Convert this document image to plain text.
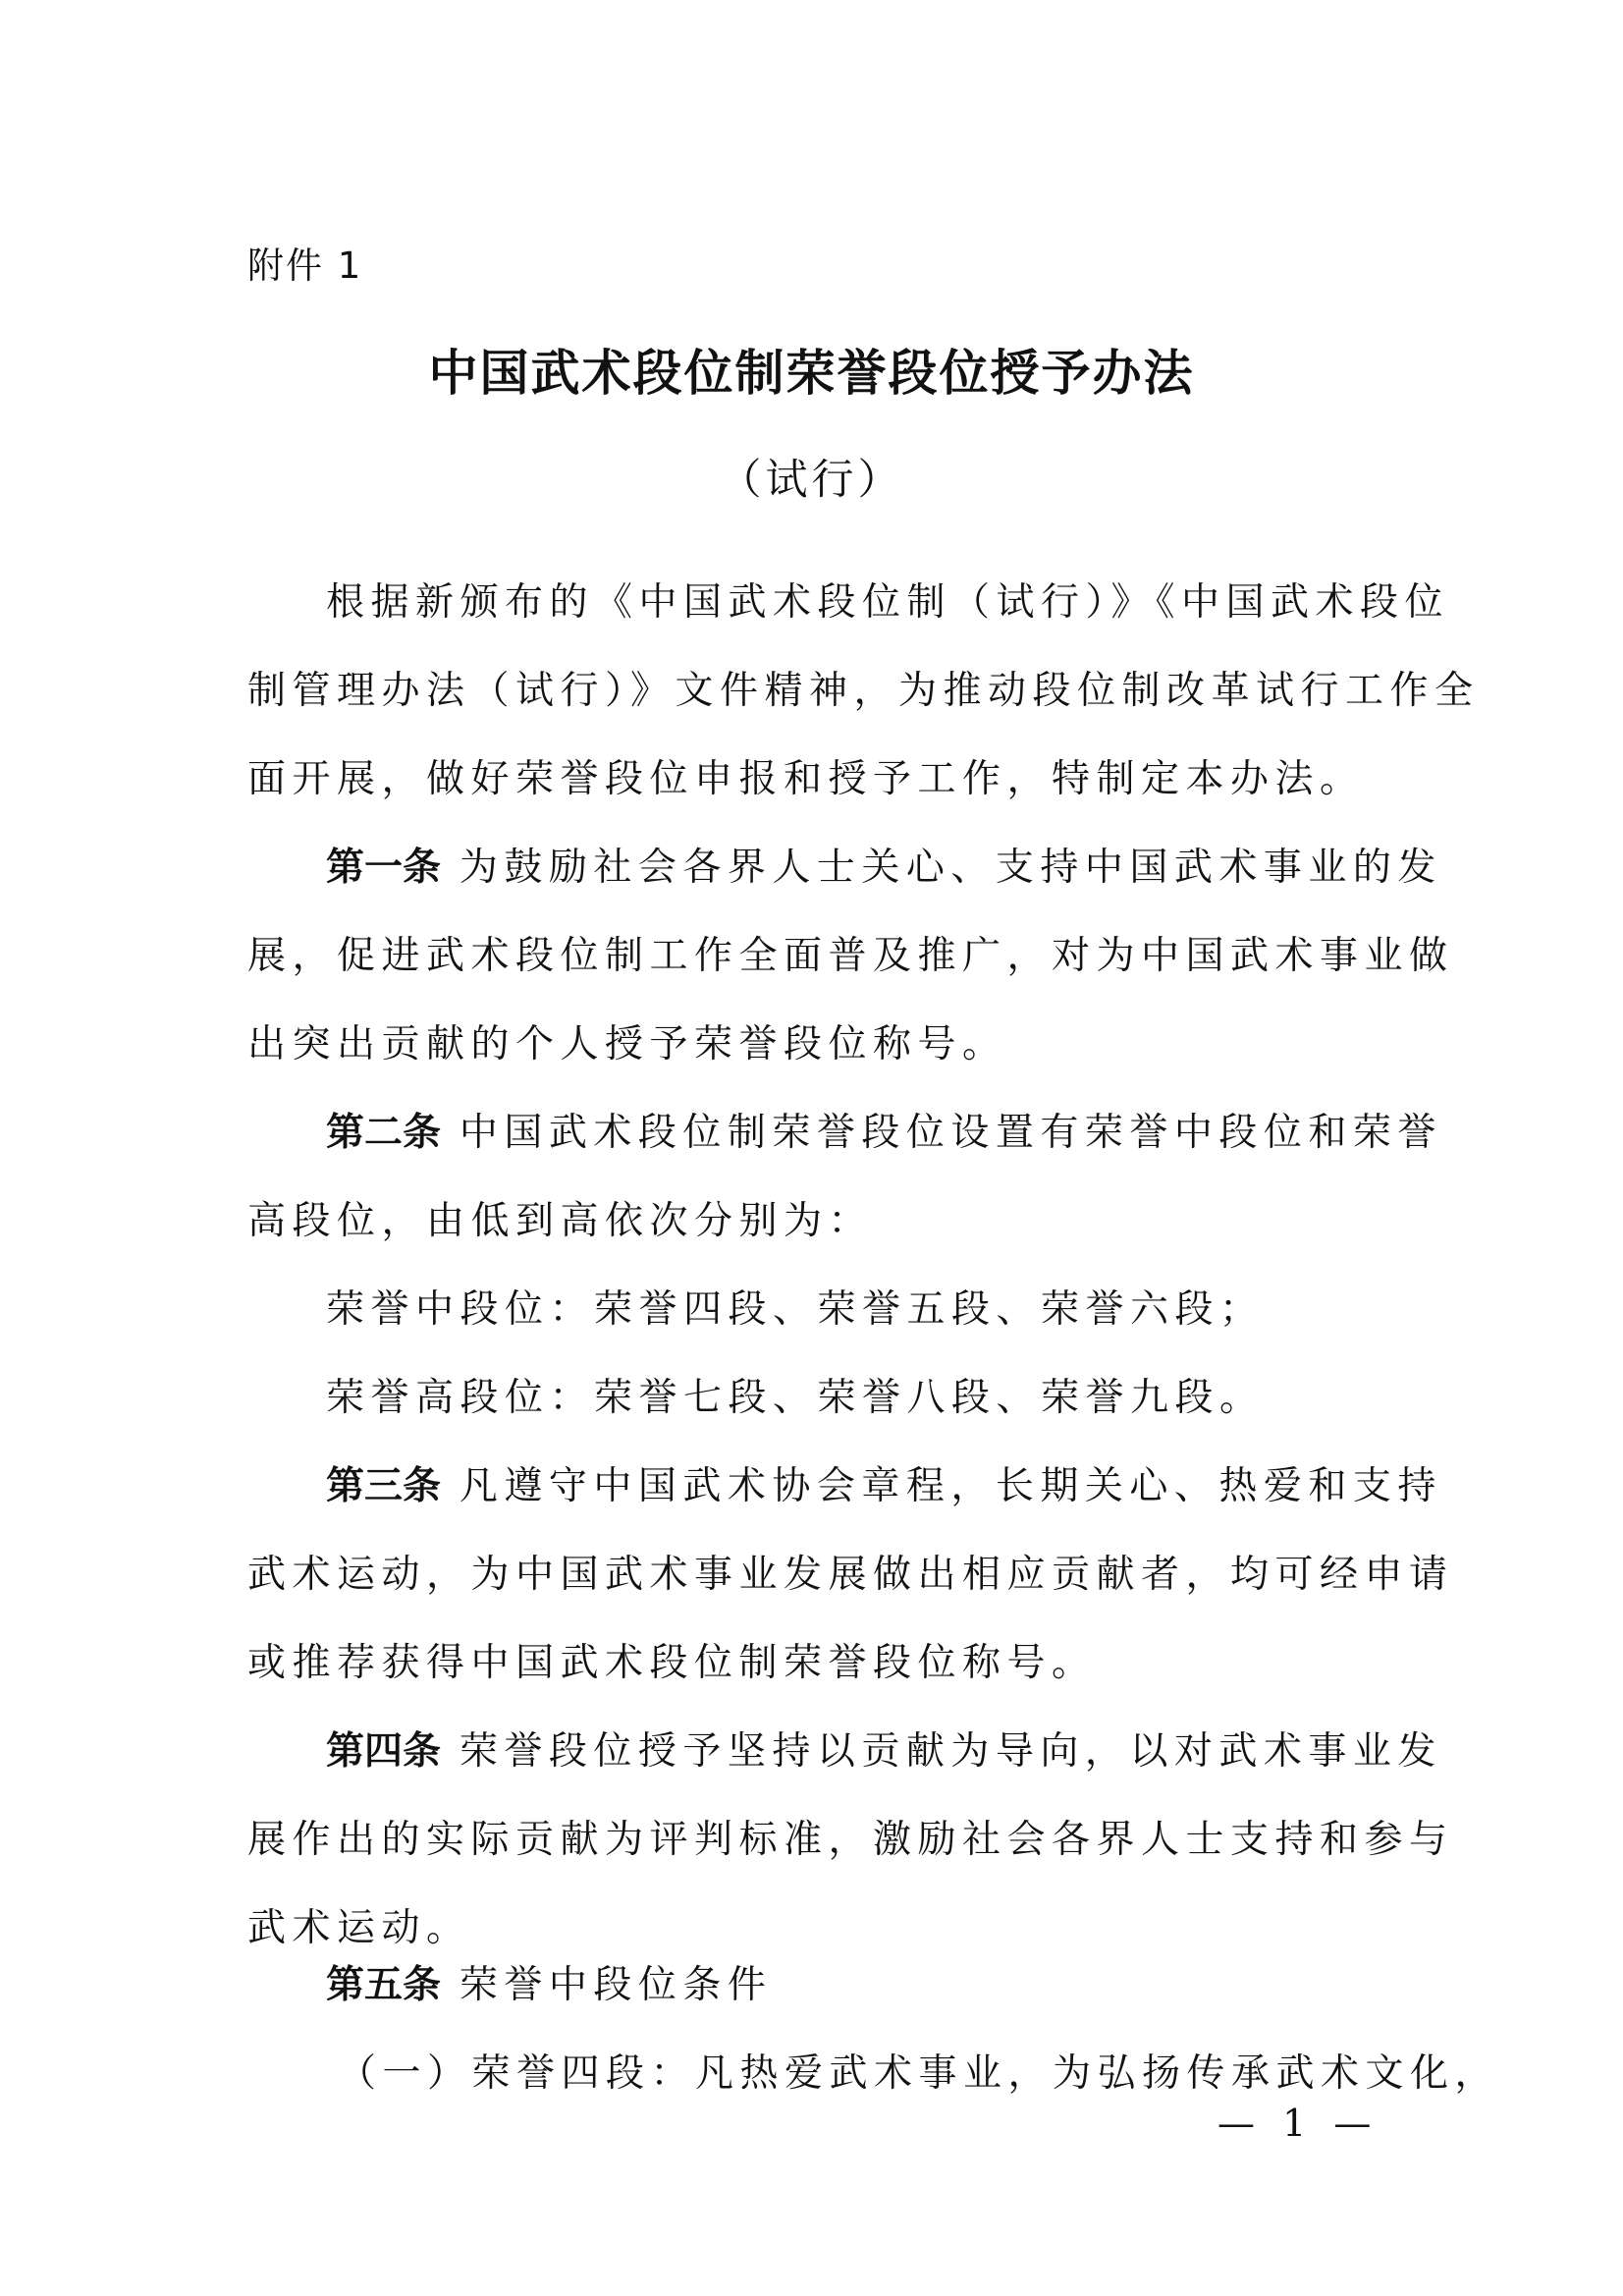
附件 1
中国武术段位制荣誉段位授予办法
（试行）
根据新颁布的《中国武术段位制（试行）》《中国武术段位
制管理办法（试行）》文件精神，为推动段位制改革试行工作全
面开展，做好荣誉段位申报和授予工作，特制定本办法。
第一条 为鼓励社会各界人士关心、支持中国武术事业的发
展，促进武术段位制工作全面普及推广，对为中国武术事业做
出突出贡献的个人授予荣誉段位称号。
第二条 中国武术段位制荣誉段位设置有荣誉中段位和荣誉
高段位，由低到高依次分别为：
荣誉中段位：荣誉四段、荣誉五段、荣誉六段；
荣誉高段位：荣誉七段、荣誉八段、荣誉九段。
第三条 凡遵守中国武术协会章程，长期关心、热爱和支持
武术运动，为中国武术事业发展做出相应贡献者，均可经申请
或推荐获得中国武术段位制荣誉段位称号。
第四条 荣誉段位授予坚持以贡献为导向，以对武术事业发
展作出的实际贡献为评判标准，激励社会各界人士支持和参与
武术运动。
第五条 荣誉中段位条件
（一）荣誉四段：凡热爱武术事业，为弘扬传承武术文化，
— 1 —
